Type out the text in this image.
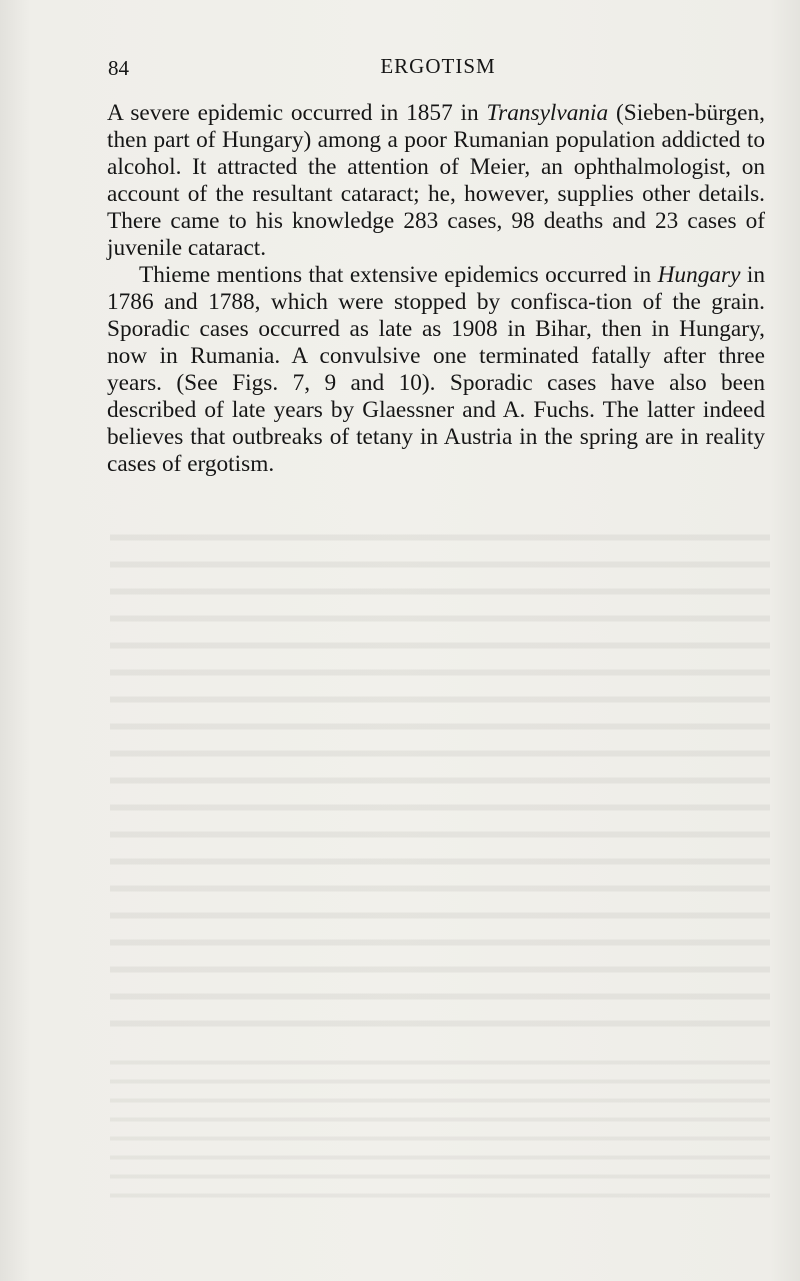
84	ERGOTISM

A severe epidemic occurred in 1857 in Transylvania (Sieben-bürgen, then part of Hungary) among a poor Rumanian population addicted to alcohol. It attracted the attention of Meier, an ophthalmologist, on account of the resultant cataract; he, however, supplies other details. There came to his knowledge 283 cases, 98 deaths and 23 cases of juvenile cataract.

Thieme mentions that extensive epidemics occurred in Hungary in 1786 and 1788, which were stopped by confisca-tion of the grain. Sporadic cases occurred as late as 1908 in Bihar, then in Hungary, now in Rumania. A convulsive one terminated fatally after three years. (See Figs. 7, 9 and 10). Sporadic cases have also been described of late years by Glaessner and A. Fuchs. The latter indeed believes that outbreaks of tetany in Austria in the spring are in reality cases of ergotism.
